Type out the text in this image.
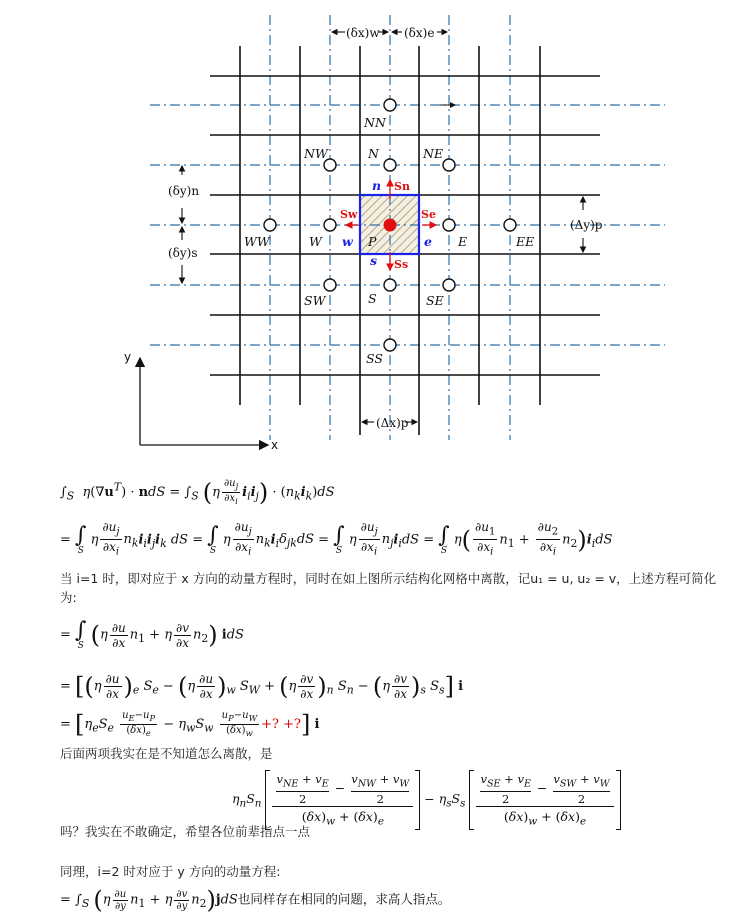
(δx)w (δx)e
(δy)n
(δy)s
(Δy)p
(Δx)p
NN
NW	N	NE
WW	W	P	E	EE
SW	S	SE
SS
n
s
w	e
Sn
Ss
Sw	Se
y
x
$\int_S$ $\eta(\nabla u^T)$ · ndS = $\int_S$ $(\eta \frac{\partial u_j}{\partial x_i} i_ii_j) \cdot (n_ki_k)dS$
= ∫
S
η $\frac{\partial u_j}{\partial x_i} n_ki_ii_ji_k$ dS = ∫
S
η $\frac{\partial u_j}{\partial x_i} n_ki_i\delta_{jk}dS$ = ∫
S
η $\frac{\partial u_j}{\partial x_i} n_ji_idS$ = ∫
S
$\eta( \frac{\partial u_1}{\partial x_i} n_1 + \frac{\partial u_2}{\partial x_i} n_2)i_idS$
当 i=1 时，即对应于 x 方向的动量方程时，同时在如上图所示结构化网格中离散，记u₁ = u, u₂ = v，上述方程可简化为:
= ∫
S $(\eta \frac{\partial u}{\partial x} n_1 + \eta \frac{\partial v}{\partial x} n_2)$ idS
= [$(\eta \frac{\partial u}{\partial x} )_e$ $S_e - (\eta \frac{\partial u}{\partial x} )_w$ $S_W + (\eta \frac{\partial v}{\partial x} )_n$ $S_n - (\eta \frac{\partial v}{\partial x} )_s$ $S_s$] i
= [$\eta_eS_e \frac{u_E-u_P}{(\delta x)_e} - \eta_wS_w \frac{u_P-u_W}{(\delta x)_w}$ +? +?] i
后面两项我实在是不知道怎么离散，是
$\eta_nS_n$
$v_{NE} + v_E$
2
−
$v_{NW} + v_W$
2
$(\delta x)_w + (\delta x)_e$
− $\eta_sS_s$
$v_{SE} + v_E$
2
−
$v_{SW} + v_W$
2
$(\delta x)_w + (\delta x)_e$
吗？我实在不敢确定，希望各位前辈指点一点
同理，i=2 时对应于 y 方向的动量方程:
= $\int_S$ $(\eta \frac{\partial u}{\partial y} n_1 + \eta \frac{\partial v}{\partial y} n_2)jdS$也同样存在相同的问题，求高人指点。
